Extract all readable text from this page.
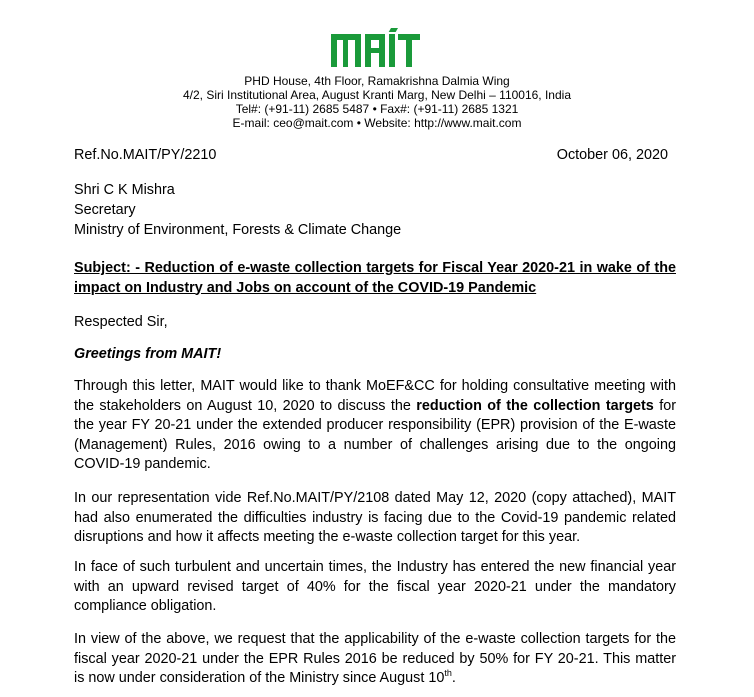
PHD House, 4th Floor, Ramakrishna Dalmia Wing
4/2, Siri Institutional Area, August Kranti Marg, New Delhi – 110016, India
Tel#: (+91-11) 2685 5487 • Fax#: (+91-11) 2685 1321
E-mail: ceo@mait.com • Website: http://www.mait.com
Ref.No.MAIT/PY/2210	October 06, 2020
Shri C K Mishra
Secretary
Ministry of Environment, Forests & Climate Change
Subject: - Reduction of e-waste collection targets for Fiscal Year 2020-21 in wake of the impact on Industry and Jobs on account of the COVID-19 Pandemic
Respected Sir,
Greetings from MAIT!
Through this letter, MAIT would like to thank MoEF&CC for holding consultative meeting with the stakeholders on August 10, 2020 to discuss the reduction of the collection targets for the year FY 20-21 under the extended producer responsibility (EPR) provision of the E-waste (Management) Rules, 2016 owing to a number of challenges arising due to the ongoing COVID-19 pandemic.
In our representation vide Ref.No.MAIT/PY/2108 dated May 12, 2020 (copy attached), MAIT had also enumerated the difficulties industry is facing due to the Covid-19 pandemic related disruptions and how it affects meeting the e-waste collection target for this year.
In face of such turbulent and uncertain times, the Industry has entered the new financial year with an upward revised target of 40% for the fiscal year 2020-21 under the mandatory compliance obligation.
In view of the above, we request that the applicability of the e-waste collection targets for the fiscal year 2020-21 under the EPR Rules 2016 be reduced by 50% for FY 20-21. This matter is now under consideration of the Ministry since August 10th.
